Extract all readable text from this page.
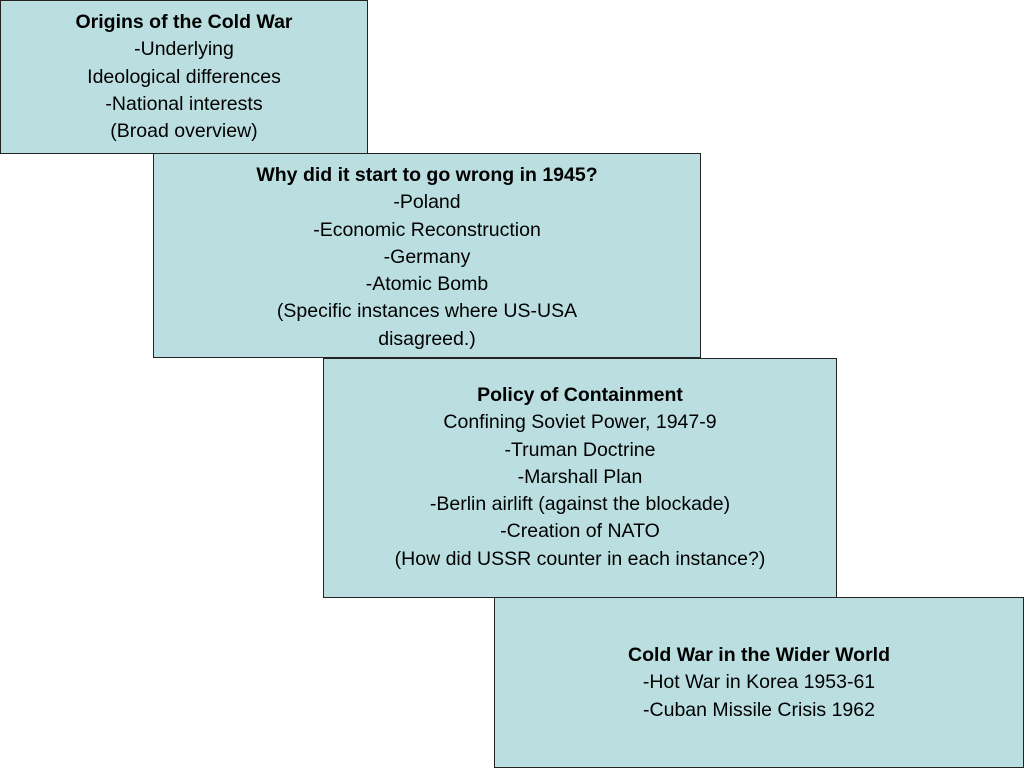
Origins of the Cold War
-Underlying
Ideological differences
-National interests
(Broad overview)
Why did it start to go wrong in 1945?
-Poland
-Economic Reconstruction
-Germany
-Atomic Bomb
(Specific instances where US-USA
disagreed.)
Policy of Containment
Confining Soviet Power, 1947-9
-Truman Doctrine
-Marshall Plan
-Berlin airlift (against the blockade)
-Creation of NATO
(How did USSR counter in each instance?)
Cold War in the Wider World
-Hot War in Korea 1953-61
-Cuban Missile Crisis 1962
